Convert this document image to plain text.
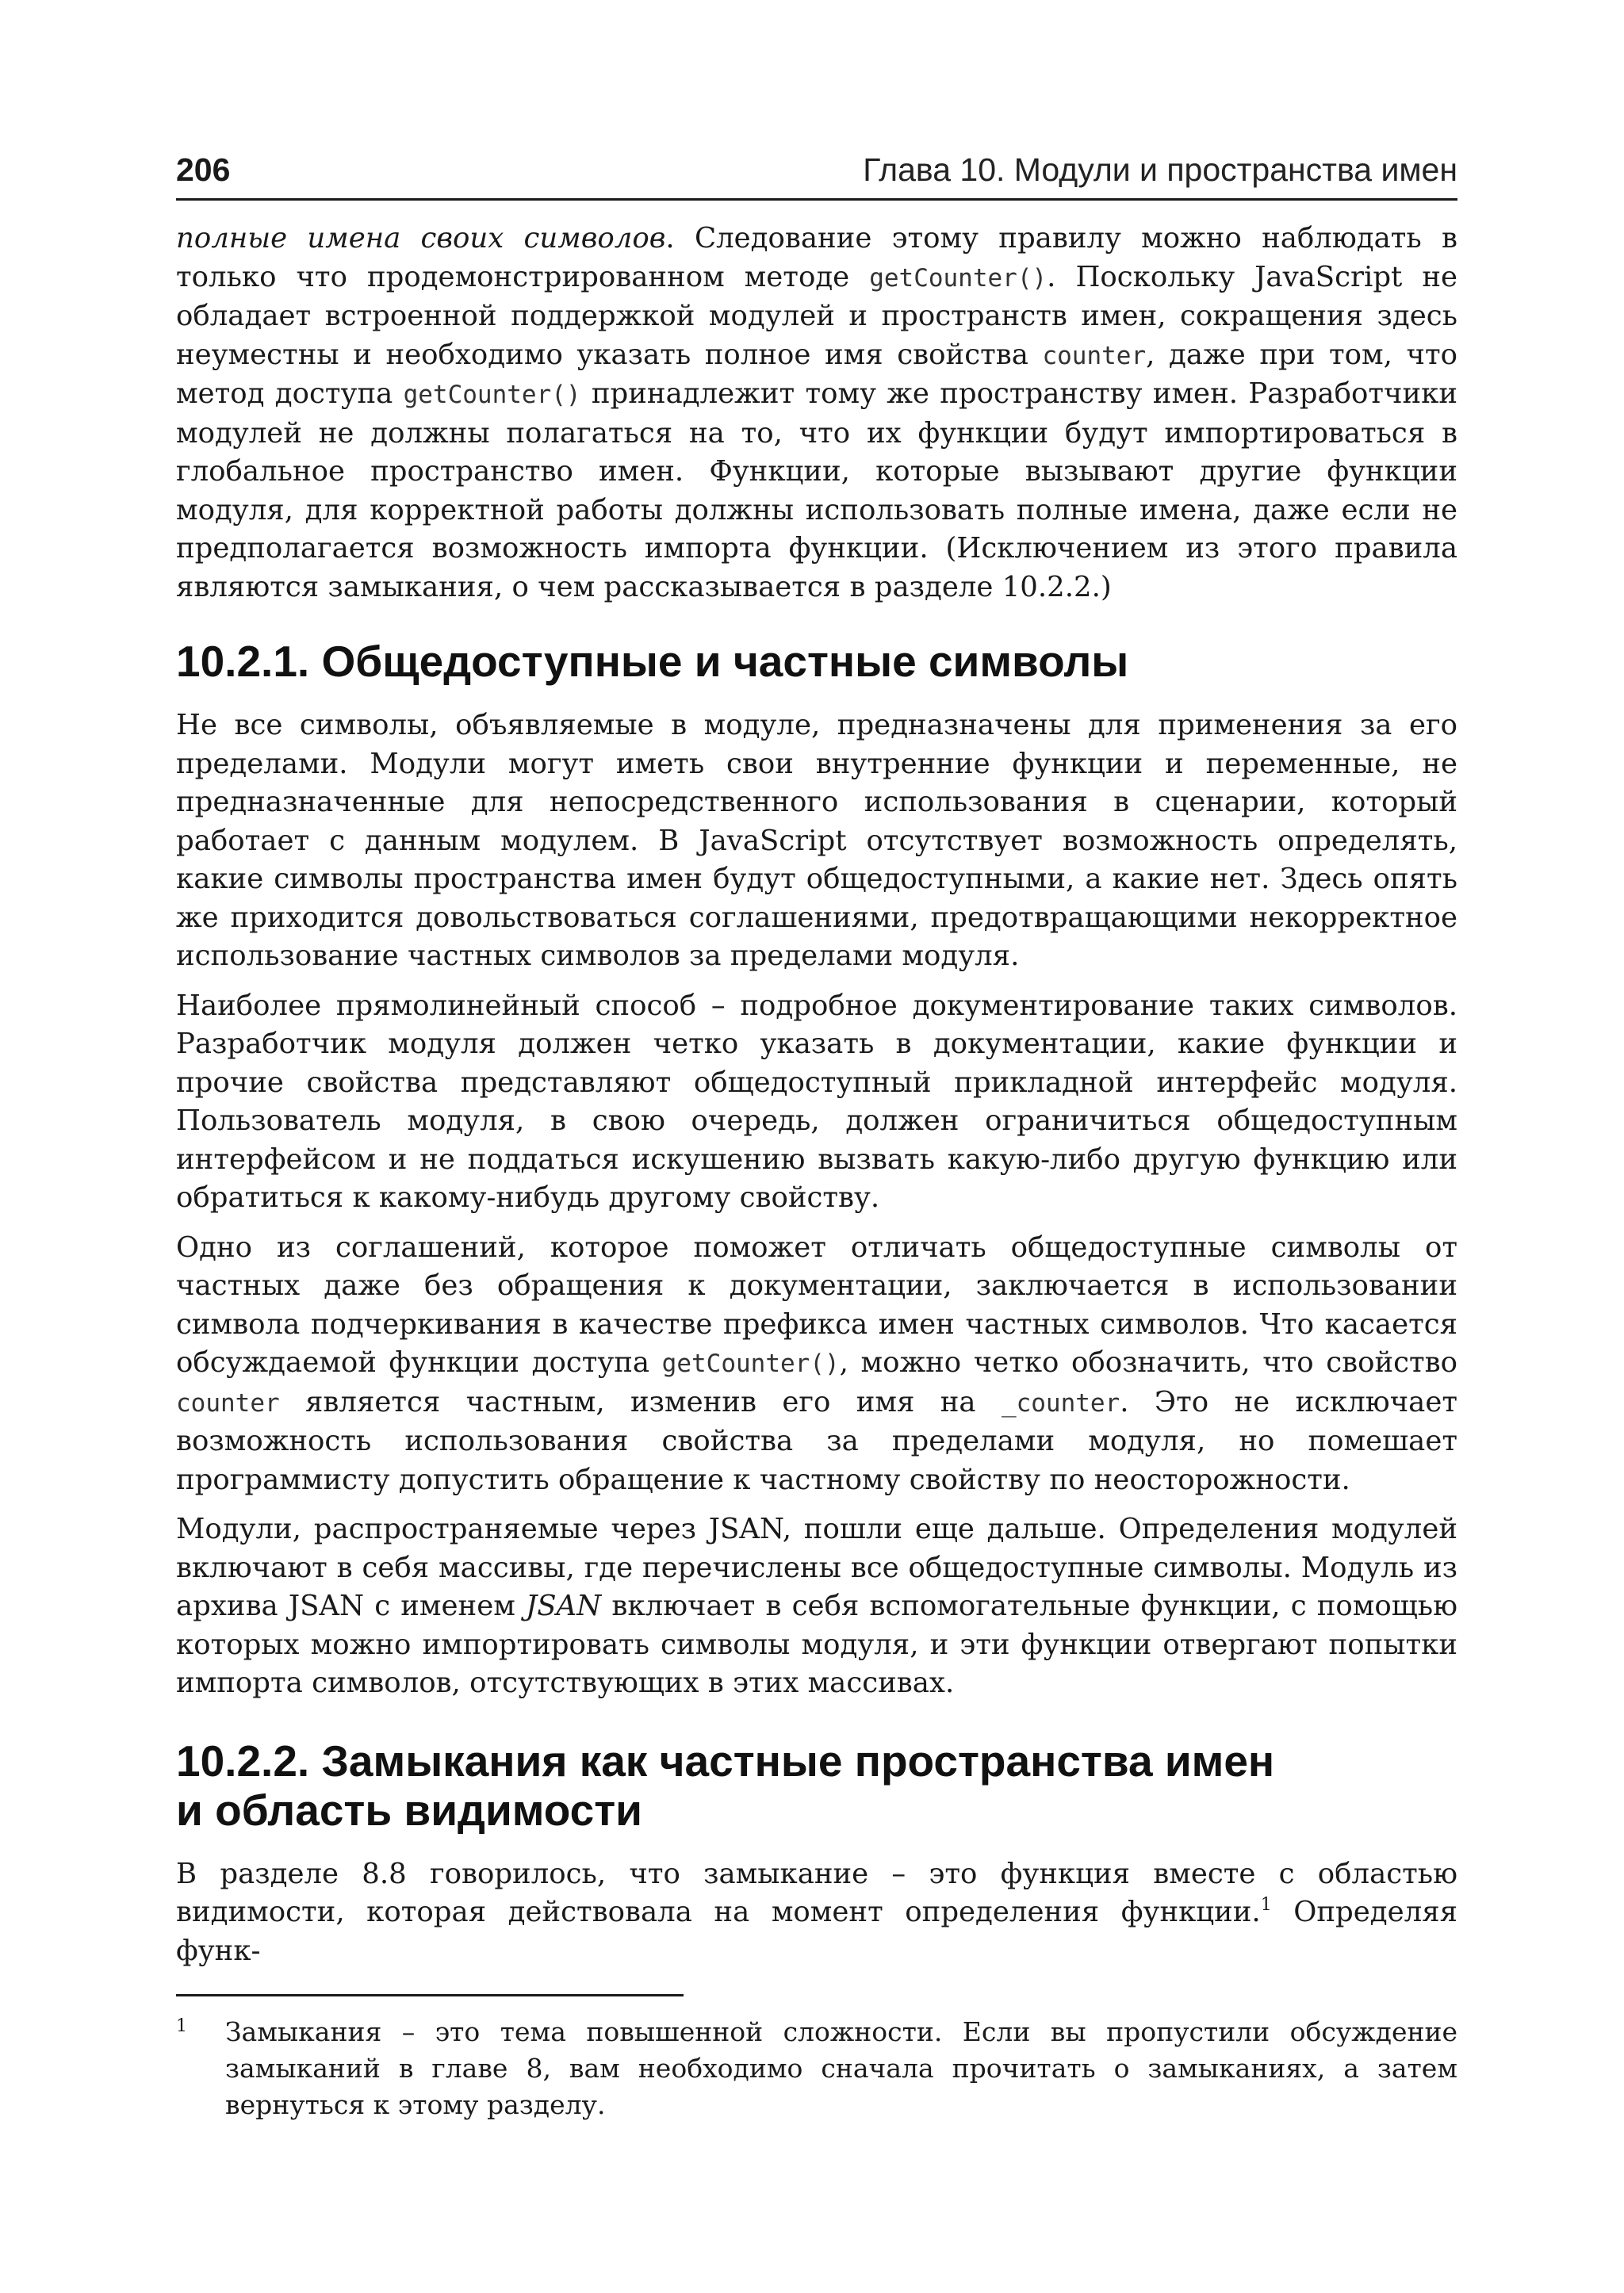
206	Глава 10. Модули и пространства имен

полные имена своих символов. Следование этому правилу можно наблюдать в только что продемонстрированном методе getCounter(). Поскольку JavaScript не обладает встроенной поддержкой модулей и пространств имен, сокращения здесь неуместны и необходимо указать полное имя свойства counter, даже при том, что метод доступа getCounter() принадлежит тому же пространству имен. Разработчики модулей не должны полагаться на то, что их функции будут импортироваться в глобальное пространство имен. Функции, которые вызывают другие функции модуля, для корректной работы должны использовать полные имена, даже если не предполагается возможность импорта функции. (Исключением из этого правила являются замыкания, о чем рассказывается в разделе 10.2.2.)

10.2.1. Общедоступные и частные символы

Не все символы, объявляемые в модуле, предназначены для применения за его пределами. Модули могут иметь свои внутренние функции и переменные, не предназначенные для непосредственного использования в сценарии, который работает с данным модулем. В JavaScript отсутствует возможность определять, какие символы пространства имен будут общедоступными, а какие нет. Здесь опять же приходится довольствоваться соглашениями, предотвращающими некорректное использование частных символов за пределами модуля.

Наиболее прямолинейный способ – подробное документирование таких символов. Разработчик модуля должен четко указать в документации, какие функции и прочие свойства представляют общедоступный прикладной интерфейс модуля. Пользователь модуля, в свою очередь, должен ограничиться общедоступным интерфейсом и не поддаться искушению вызвать какую-либо другую функцию или обратиться к какому-нибудь другому свойству.

Одно из соглашений, которое поможет отличать общедоступные символы от частных даже без обращения к документации, заключается в использовании символа подчеркивания в качестве префикса имен частных символов. Что касается обсуждаемой функции доступа getCounter(), можно четко обозначить, что свойство counter является частным, изменив его имя на _counter. Это не исключает возможность использования свойства за пределами модуля, но помешает программисту допустить обращение к частному свойству по неосторожности.

Модули, распространяемые через JSAN, пошли еще дальше. Определения модулей включают в себя массивы, где перечислены все общедоступные символы. Модуль из архива JSAN с именем JSAN включает в себя вспомогательные функции, с помощью которых можно импортировать символы модуля, и эти функции отвергают попытки импорта символов, отсутствующих в этих массивах.

10.2.2. Замыкания как частные пространства имен
и область видимости

В разделе 8.8 говорилось, что замыкание – это функция вместе с областью видимости, которая действовала на момент определения функции.$^1$ Определяя функ-

1	Замыкания – это тема повышенной сложности. Если вы пропустили обсуждение замыканий в главе 8, вам необходимо сначала прочитать о замыканиях, а затем вернуться к этому разделу.
